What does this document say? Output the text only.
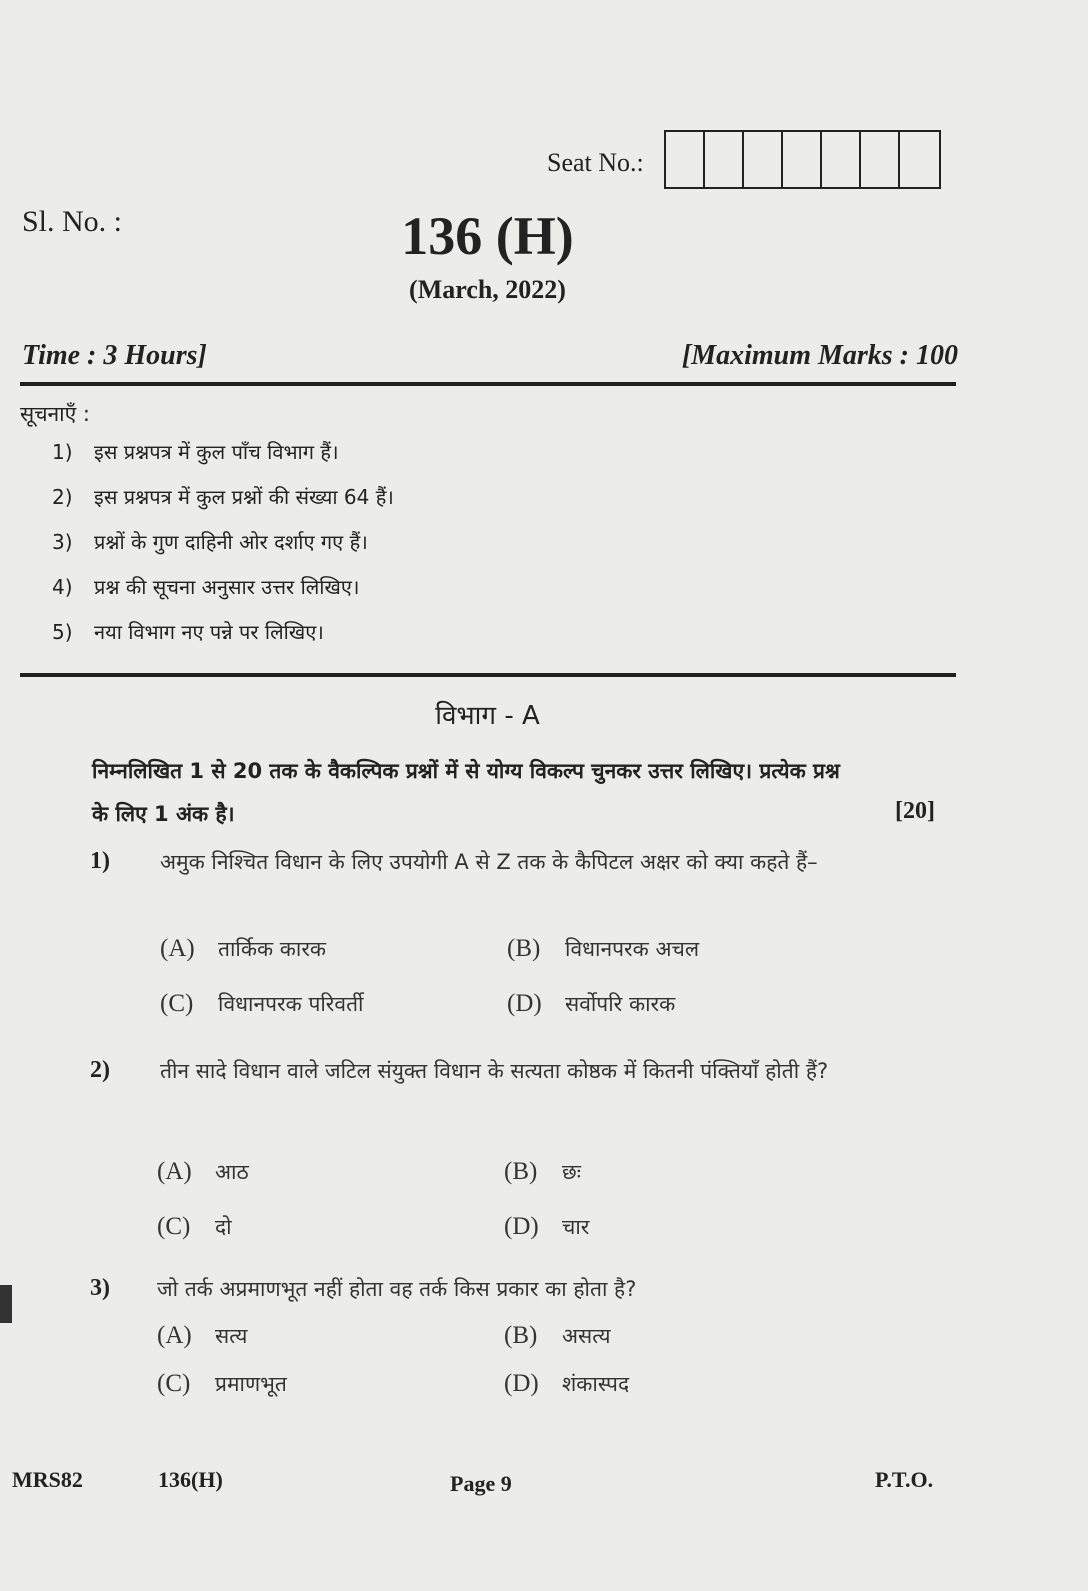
Seat No.:
Sl. No. :	136 (H)
(March, 2022)
Time : 3 Hours]	[Maximum Marks : 100
सूचनाएँ :
1) इस प्रश्नपत्र में कुल पाँच विभाग हैं।
2) इस प्रश्नपत्र में कुल प्रश्नों की संख्या 64 हैं।
3) प्रश्नों के गुण दाहिनी ओर दर्शाए गए हैं।
4) प्रश्न की सूचना अनुसार उत्तर लिखिए।
5) नया विभाग नए पन्ने पर लिखिए।
विभाग - A
निम्नलिखित 1 से 20 तक के वैकल्पिक प्रश्नों में से योग्य विकल्प चुनकर उत्तर लिखिए। प्रत्येक प्रश्न के लिए 1 अंक है।	[20]
1) अमुक निश्चित विधान के लिए उपयोगी A से Z तक के कैपिटल अक्षर को क्या कहते हैं–
(A) तार्किक कारक	(B) विधानपरक अचल
(C) विधानपरक परिवर्ती	(D) सर्वोपरि कारक
2) तीन सादे विधान वाले जटिल संयुक्त विधान के सत्यता कोष्ठक में कितनी पंक्तियाँ होती हैं?
(A) आठ	(B) छः
(C) दो	(D) चार
3) जो तर्क अप्रमाणभूत नहीं होता वह तर्क किस प्रकार का होता है?
(A) सत्य	(B) असत्य
(C) प्रमाणभूत	(D) शंकास्पद
MRS82	136(H)	Page 9	P.T.O.
